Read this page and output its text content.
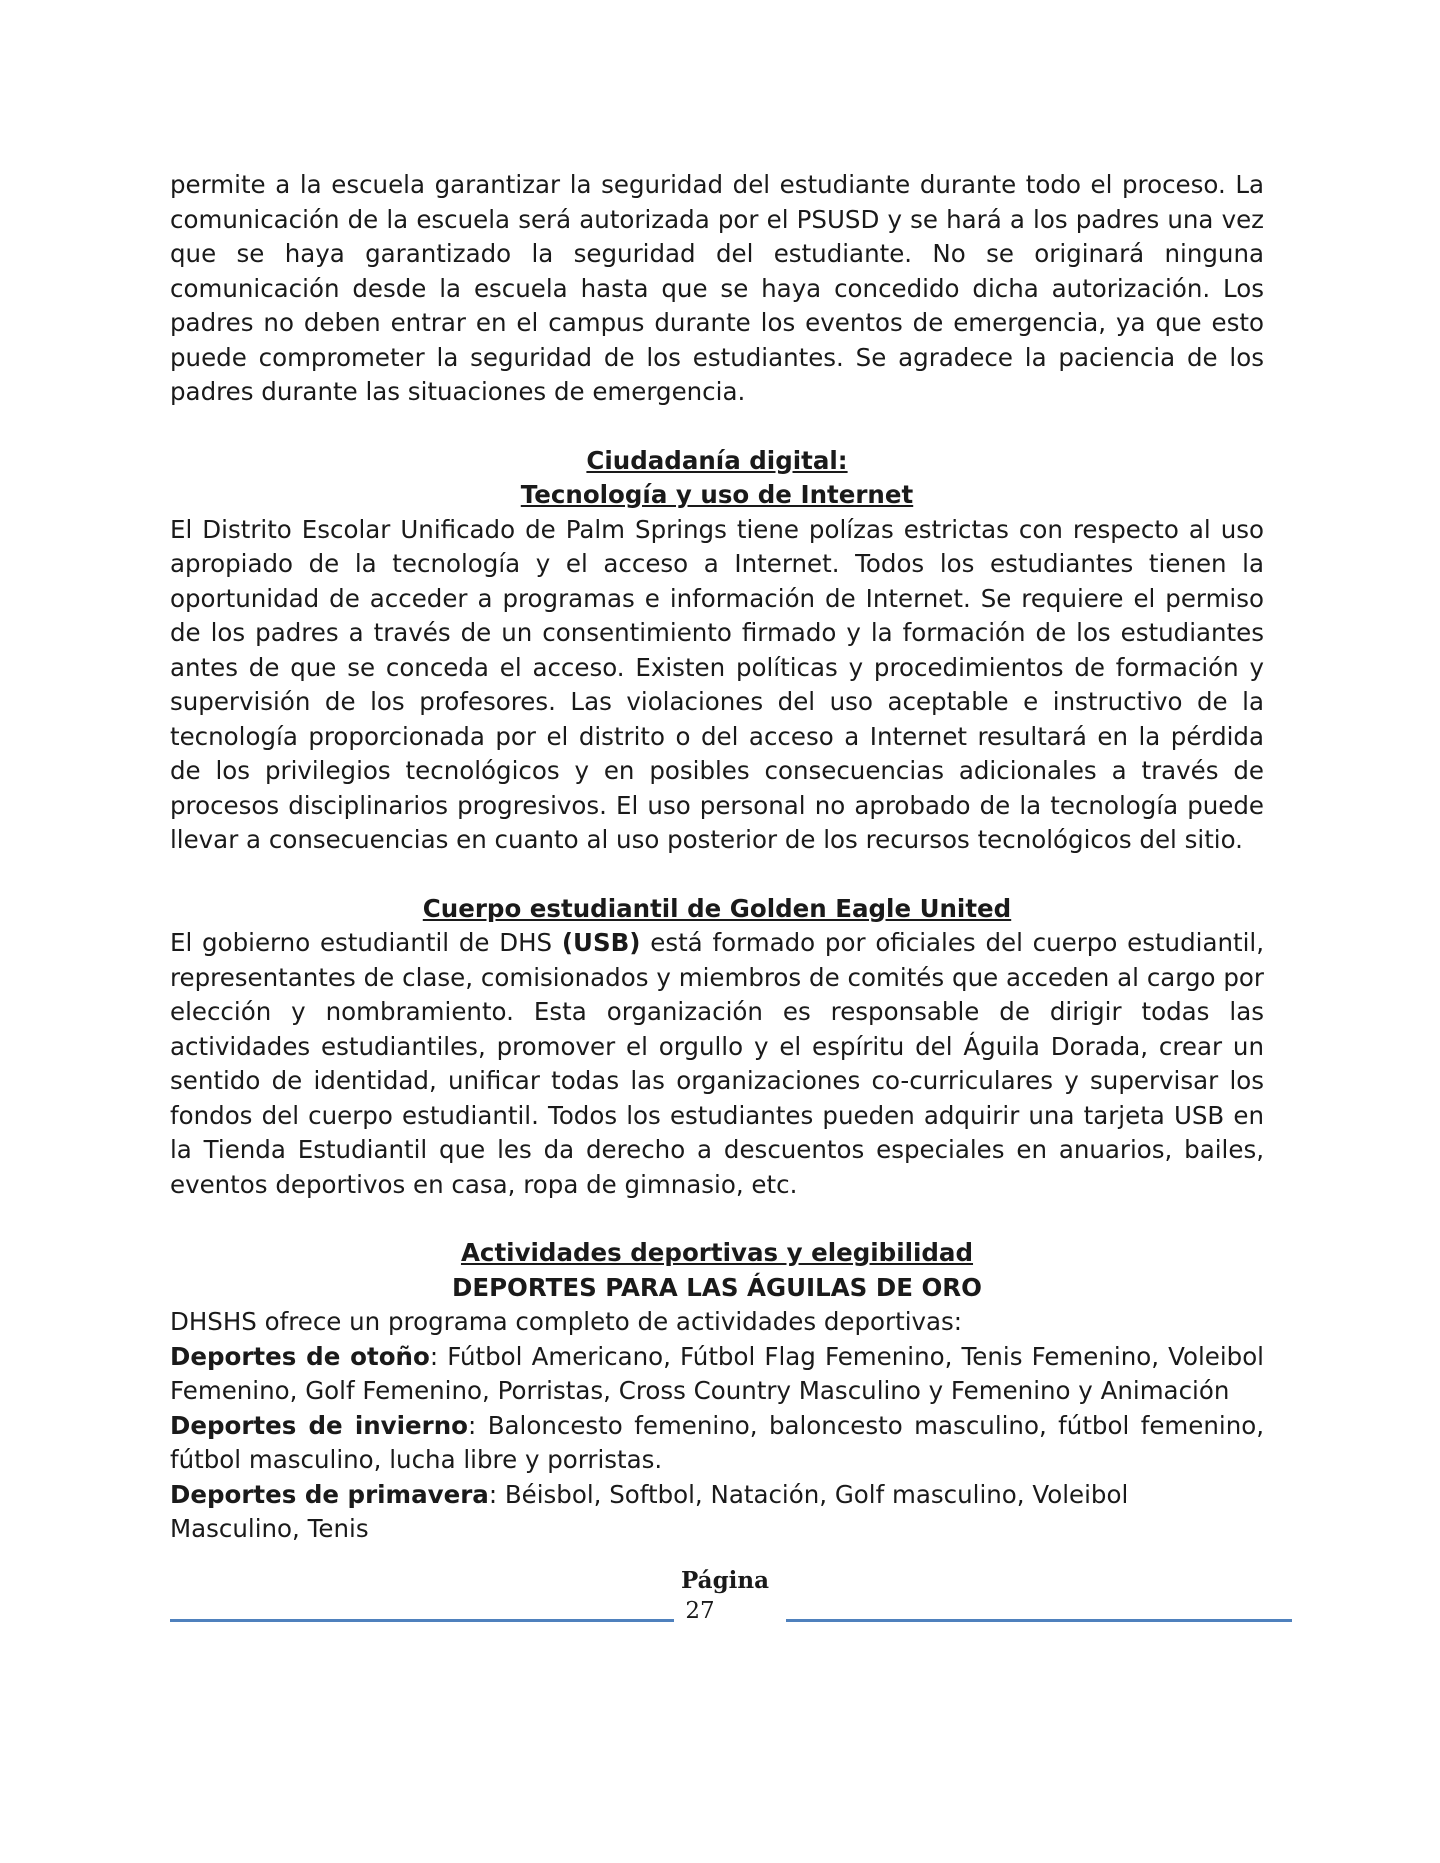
permite a la escuela garantizar la seguridad del estudiante durante todo el proceso. La comunicación de la escuela será autorizada por el PSUSD y se hará a los padres una vez que se haya garantizado la seguridad del estudiante. No se originará ninguna comunicación desde la escuela hasta que se haya concedido dicha autorización. Los padres no deben entrar en el campus durante los eventos de emergencia, ya que esto puede comprometer la seguridad de los estudiantes. Se agradece la paciencia de los padres durante las situaciones de emergencia.

Ciudadanía digital:

Tecnología y uso de Internet

El Distrito Escolar Unificado de Palm Springs tiene polízas estrictas con respecto al uso apropiado de la tecnología y el acceso a Internet. Todos los estudiantes tienen la oportunidad de acceder a programas e información de Internet. Se requiere el permiso de los padres a través de un consentimiento firmado y la formación de los estudiantes antes de que se conceda el acceso. Existen políticas y procedimientos de formación y supervisión de los profesores. Las violaciones del uso aceptable e instructivo de la tecnología proporcionada por el distrito o del acceso a Internet resultará en la pérdida de los privilegios tecnológicos y en posibles consecuencias adicionales a través de procesos disciplinarios progresivos. El uso personal no aprobado de la tecnología puede llevar a consecuencias en cuanto al uso posterior de los recursos tecnológicos del sitio.

Cuerpo estudiantil de Golden Eagle United

El gobierno estudiantil de DHS (USB) está formado por oficiales del cuerpo estudiantil, representantes de clase, comisionados y miembros de comités que acceden al cargo por elección y nombramiento. Esta organización es responsable de dirigir todas las actividades estudiantiles, promover el orgullo y el espíritu del Águila Dorada, crear un sentido de identidad, unificar todas las organizaciones co-curriculares y supervisar los fondos del cuerpo estudiantil. Todos los estudiantes pueden adquirir una tarjeta USB en la Tienda Estudiantil que les da derecho a descuentos especiales en anuarios, bailes, eventos deportivos en casa, ropa de gimnasio, etc.

Actividades deportivas y elegibilidad

DEPORTES PARA LAS ÁGUILAS DE ORO

DHSHS ofrece un programa completo de actividades deportivas:

Deportes de otoño: Fútbol Americano, Fútbol Flag Femenino, Tenis Femenino, Voleibol Femenino, Golf Femenino, Porristas, Cross Country Masculino y Femenino y Animación

Deportes de invierno: Baloncesto femenino, baloncesto masculino, fútbol femenino, fútbol masculino, lucha libre y porristas.

Deportes de primavera: Béisbol, Softbol, Natación, Golf masculino, Voleibol Masculino, Tenis

Página
27
